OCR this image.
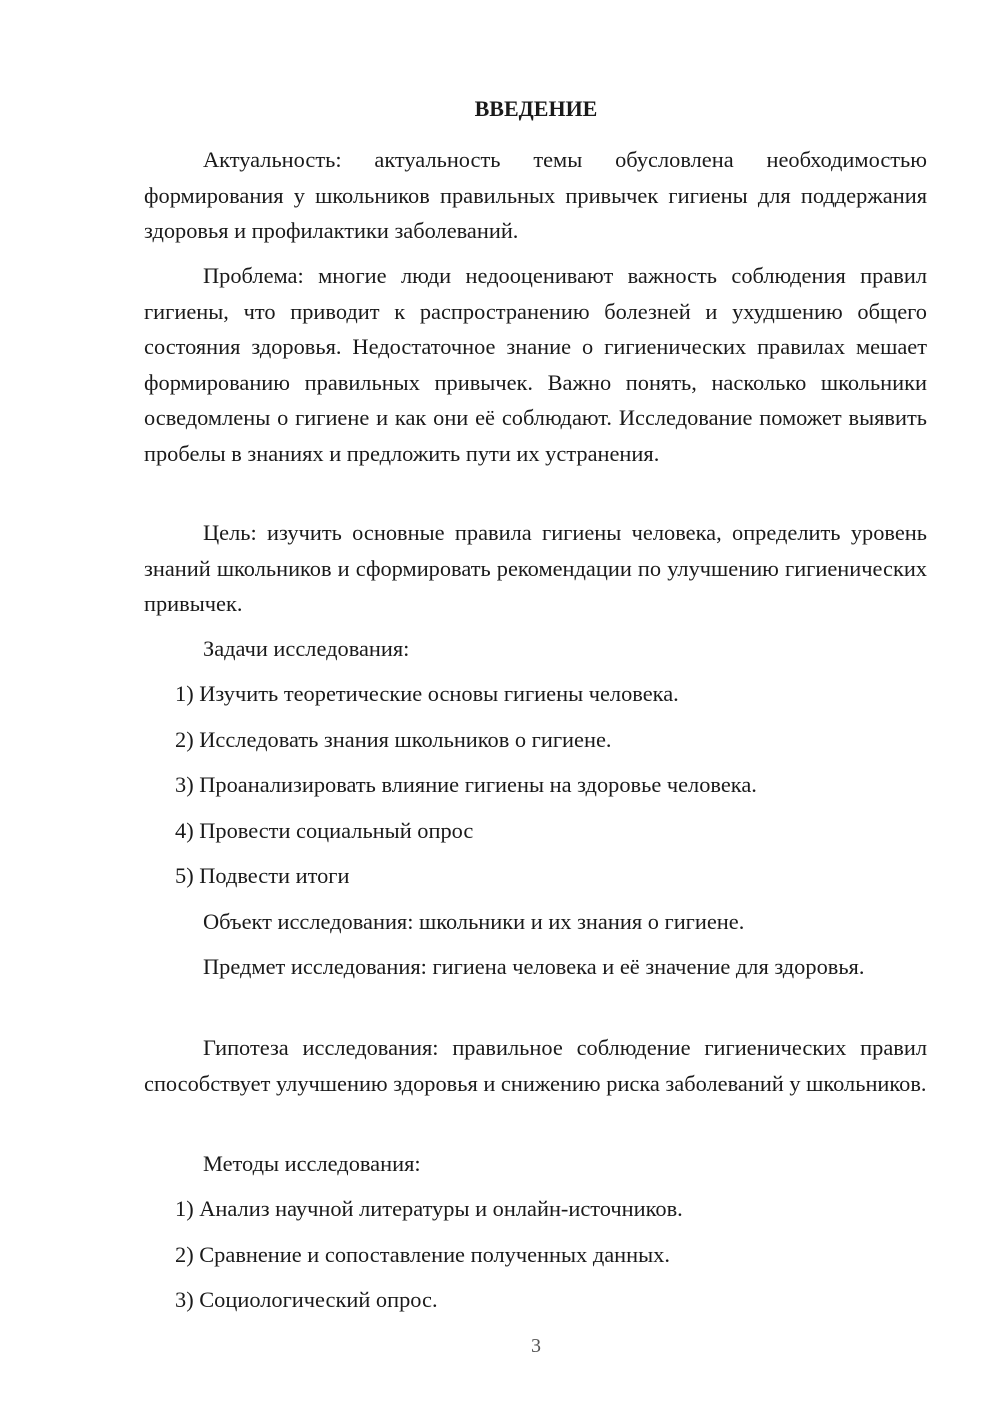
ВВЕДЕНИЕ

Актуальность: актуальность темы обусловлена необходимостью формирования у школьников правильных привычек гигиены для поддержания здоровья и профилактики заболеваний.

Проблема: многие люди недооценивают важность соблюдения правил гигиены, что приводит к распространению болезней и ухудшению общего состояния здоровья. Недостаточное знание о гигиенических правилах мешает формированию правильных привычек. Важно понять, насколько школьники осведомлены о гигиене и как они её соблюдают. Исследование поможет выявить пробелы в знаниях и предложить пути их устранения.

Цель: изучить основные правила гигиены человека, определить уровень знаний школьников и сформировать рекомендации по улучшению гигиенических привычек.

Задачи исследования:

1) Изучить теоретические основы гигиены человека.

2) Исследовать знания школьников о гигиене.

3) Проанализировать влияние гигиены на здоровье человека.

4) Провести социальный опрос

5) Подвести итоги

Объект исследования: школьники и их знания о гигиене.

Предмет исследования: гигиена человека и её значение для здоровья.

Гипотеза исследования: правильное соблюдение гигиенических правил способствует улучшению здоровья и снижению риска заболеваний у школьников.

Методы исследования:

1) Анализ научной литературы и онлайн-источников.

2) Сравнение и сопоставление полученных данных.

3) Социологический опрос.

3
